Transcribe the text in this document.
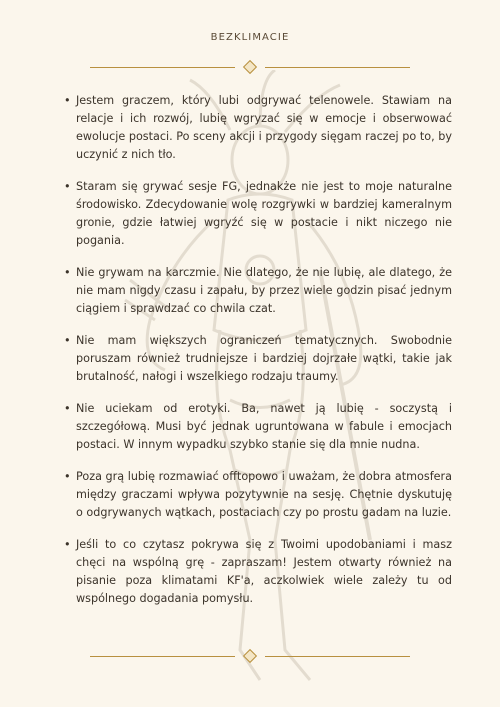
BEZKLIMACIE
• Jestem graczem, który lubi odgrywać telenowele. Stawiam na relacje i ich rozwój, lubię wgryzać się w emocje i obserwować ewolucje postaci. Po sceny akcji i przygody sięgam raczej po to, by uczynić z nich tło.
• Staram się grywać sesje FG, jednakże nie jest to moje naturalne środowisko. Zdecydowanie wolę rozgrywki w bardziej kameralnym gronie, gdzie łatwiej wgryźć się w postacie i nikt niczego nie pogania.
• Nie grywam na karczmie. Nie dlatego, że nie lubię, ale dlatego, że nie mam nigdy czasu i zapału, by przez wiele godzin pisać jednym ciągiem i sprawdzać co chwila czat.
• Nie mam większych ograniczeń tematycznych. Swobodnie poruszam również trudniejsze i bardziej dojrzałe wątki, takie jak brutalność, nałogi i wszelkiego rodzaju traumy.
• Nie uciekam od erotyki. Ba, nawet ją lubię - soczystą i szczegółową. Musi być jednak ugruntowana w fabule i emocjach postaci. W innym wypadku szybko stanie się dla mnie nudna.
• Poza grą lubię rozmawiać offtopowo i uważam, że dobra atmosfera między graczami wpływa pozytywnie na sesję. Chętnie dyskutuję o odgrywanych wątkach, postaciach czy po prostu gadam na luzie.
• Jeśli to co czytasz pokrywa się z Twoimi upodobaniami i masz chęci na wspólną grę - zapraszam! Jestem otwarty również na pisanie poza klimatami KF'a, aczkolwiek wiele zależy tu od wspólnego dogadania pomysłu.
